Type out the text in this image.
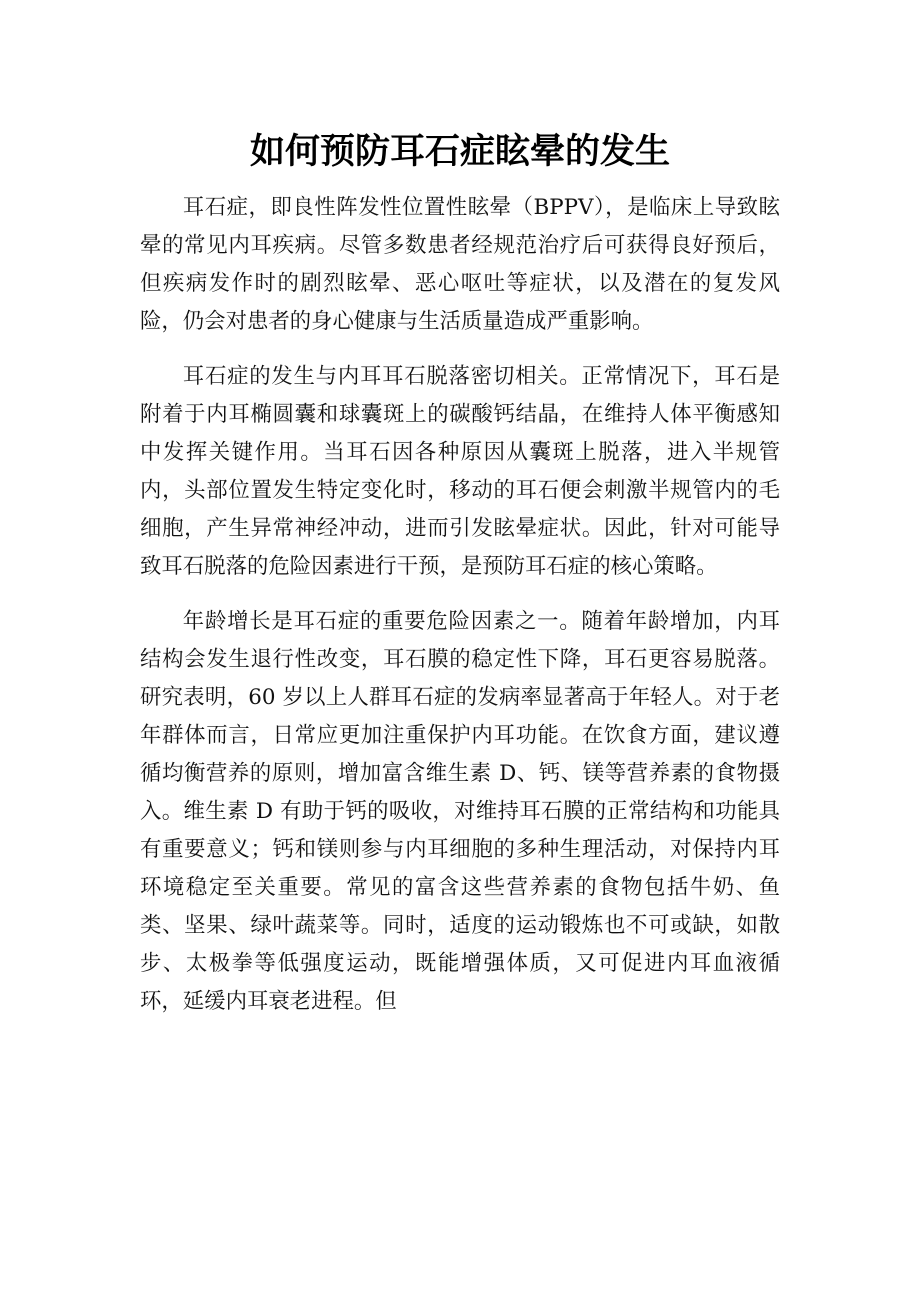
如何预防耳石症眩晕的发生

耳石症，即良性阵发性位置性眩晕（BPPV），是临床上导致眩晕的常见内耳疾病。尽管多数患者经规范治疗后可获得良好预后，但疾病发作时的剧烈眩晕、恶心呕吐等症状，以及潜在的复发风险，仍会对患者的身心健康与生活质量造成严重影响。

耳石症的发生与内耳耳石脱落密切相关。正常情况下，耳石是附着于内耳椭圆囊和球囊斑上的碳酸钙结晶，在维持人体平衡感知中发挥关键作用。当耳石因各种原因从囊斑上脱落，进入半规管内，头部位置发生特定变化时，移动的耳石便会刺激半规管内的毛细胞，产生异常神经冲动，进而引发眩晕症状。因此，针对可能导致耳石脱落的危险因素进行干预，是预防耳石症的核心策略。

年龄增长是耳石症的重要危险因素之一。随着年龄增加，内耳结构会发生退行性改变，耳石膜的稳定性下降，耳石更容易脱落。研究表明，60 岁以上人群耳石症的发病率显著高于年轻人。对于老年群体而言，日常应更加注重保护内耳功能。在饮食方面，建议遵循均衡营养的原则，增加富含维生素 D、钙、镁等营养素的食物摄入。维生素 D 有助于钙的吸收，对维持耳石膜的正常结构和功能具有重要意义；钙和镁则参与内耳细胞的多种生理活动，对保持内耳环境稳定至关重要。常见的富含这些营养素的食物包括牛奶、鱼类、坚果、绿叶蔬菜等。同时，适度的运动锻炼也不可或缺，如散步、太极拳等低强度运动，既能增强体质，又可促进内耳血液循环，延缓内耳衰老进程。但
